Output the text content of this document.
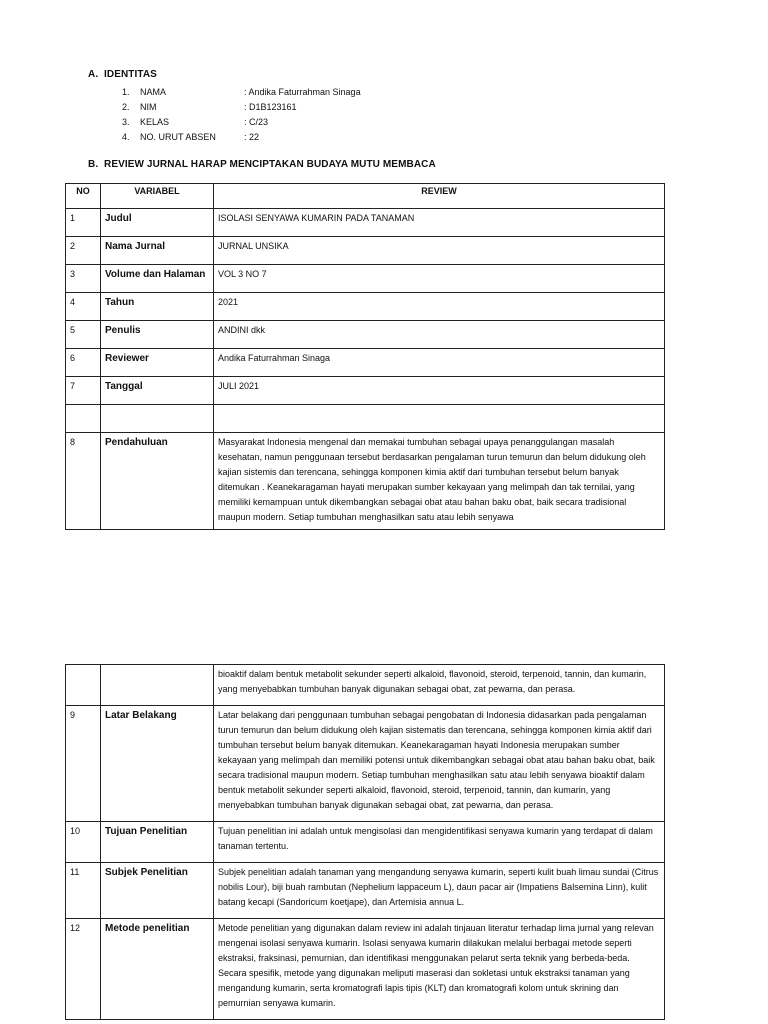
A. IDENTITAS
1.	NAMA	: Andika Faturrahman Sinaga
2.	NIM	: D1B123161
3.	KELAS	: C/23
4.	NO. URUT ABSEN	: 22
B. REVIEW JURNAL HARAP MENCIPTAKAN BUDAYA MUTU MEMBACA
NO	VARIABEL	REVIEW
1	Judul	ISOLASI SENYAWA KUMARIN PADA TANAMAN
2	Nama Jurnal	JURNAL UNSIKA
3	Volume dan Halaman	VOL 3 NO 7
4	Tahun	2021
5	Penulis	ANDINI dkk
6	Reviewer	Andika Faturrahman Sinaga
7	Tanggal	JULI 2021

8	Pendahuluan	Masyarakat Indonesia mengenal dan memakai tumbuhan sebagai upaya penanggulangan masalah kesehatan, namun penggunaan tersebut berdasarkan pengalaman turun temurun dan belum didukung oleh kajian sistemis dan terencana, sehingga komponen kimia aktif dari tumbuhan tersebut belum banyak ditemukan . Keanekaragaman hayati merupakan sumber kekayaan yang melimpah dan tak ternilai, yang memiliki kemampuan untuk dikembangkan sebagai obat atau bahan baku obat, baik secara tradisional maupun modern. Setiap tumbuhan menghasilkan satu atau lebih senyawa
		bioaktif dalam bentuk metabolit sekunder seperti alkaloid, flavonoid, steroid, terpenoid, tannin, dan kumarin, yang menyebabkan tumbuhan banyak digunakan sebagai obat, zat pewarna, dan perasa.
9	Latar Belakang	Latar belakang dari penggunaan tumbuhan sebagai pengobatan di Indonesia didasarkan pada pengalaman turun temurun dan belum didukung oleh kajian sistematis dan terencana, sehingga komponen kimia aktif dari tumbuhan tersebut belum banyak ditemukan. Keanekaragaman hayati Indonesia merupakan sumber kekayaan yang melimpah dan memiliki potensi untuk dikembangkan sebagai obat atau bahan baku obat, baik secara tradisional maupun modern. Setiap tumbuhan menghasilkan satu atau lebih senyawa bioaktif dalam bentuk metabolit sekunder seperti alkaloid, flavonoid, steroid, terpenoid, tannin, dan kumarin, yang menyebabkan tumbuhan banyak digunakan sebagai obat, zat pewarna, dan perasa.
10	Tujuan Penelitian	Tujuan penelitian ini adalah untuk mengisolasi dan mengidentifikasi senyawa kumarin yang terdapat di dalam tanaman tertentu.
11	Subjek Penelitian	Subjek penelitian adalah tanaman yang mengandung senyawa kumarin, seperti kulit buah limau sundai (Citrus nobilis Lour), biji buah rambutan (Nephelium lappaceum L), daun pacar air (Impatiens Balsemina Linn), kulit batang kecapi (Sandoricum koetjape), dan Artemisia annua L.
12	Metode penelitian	Metode penelitian yang digunakan dalam review ini adalah tinjauan literatur terhadap lima jurnal yang relevan mengenai isolasi senyawa kumarin. Isolasi senyawa kumarin dilakukan melalui berbagai metode seperti ekstraksi, fraksinasi, pemurnian, dan identifikasi menggunakan pelarut serta teknik yang berbeda-beda. Secara spesifik, metode yang digunakan meliputi maserasi dan sokletasi untuk ekstraksi tanaman yang mengandung kumarin, serta kromatografi lapis tipis (KLT) dan kromatografi kolom untuk skrining dan pemurnian senyawa kumarin.
